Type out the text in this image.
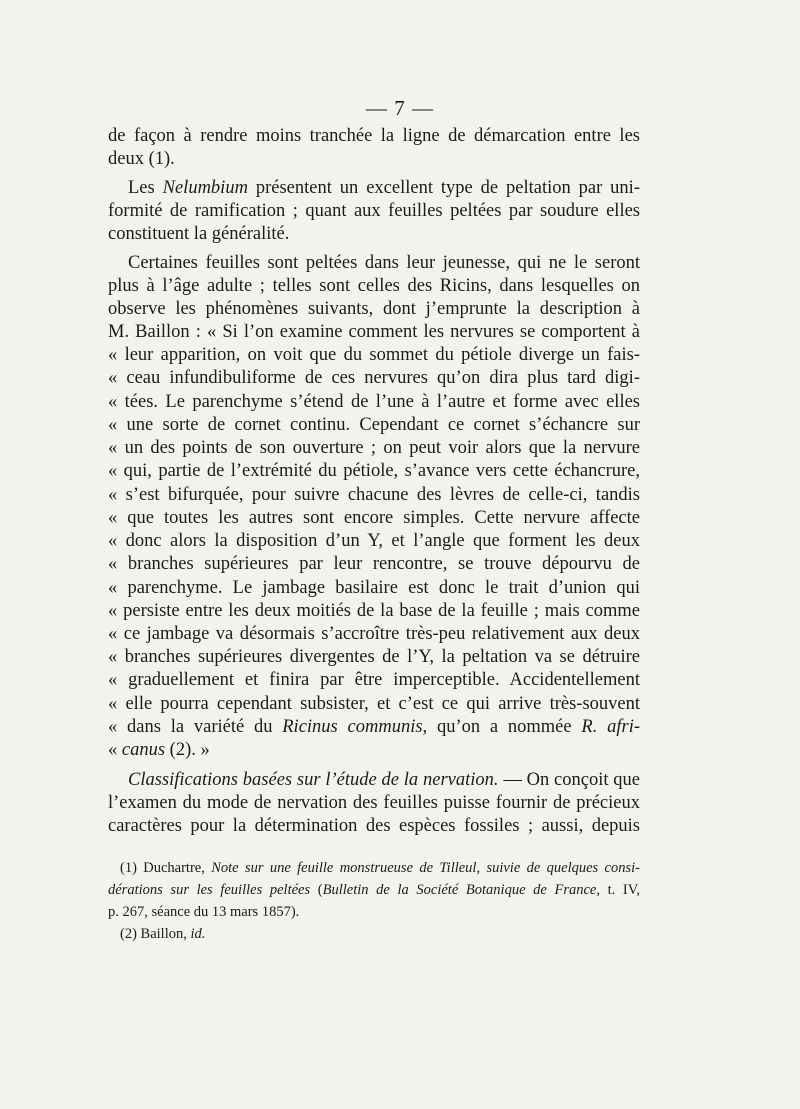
— 7 —
de façon à rendre moins tranchée la ligne de démarcation entre les
deux (1).
Les Nelumbium présentent un excellent type de peltation par uni-
formité de ramification ; quant aux feuilles peltées par soudure elles
constituent la généralité.
Certaines feuilles sont peltées dans leur jeunesse, qui ne le seront
plus à l’âge adulte ; telles sont celles des Ricins, dans lesquelles on
observe les phénomènes suivants, dont j’emprunte la description à
M. Baillon : « Si l’on examine comment les nervures se comportent à
« leur apparition, on voit que du sommet du pétiole diverge un fais-
« ceau infundibuliforme de ces nervures qu’on dira plus tard digi-
« tées. Le parenchyme s’étend de l’une à l’autre et forme avec elles
« une sorte de cornet continu. Cependant ce cornet s’échancre sur
« un des points de son ouverture ; on peut voir alors que la nervure
« qui, partie de l’extrémité du pétiole, s’avance vers cette échancrure,
« s’est bifurquée, pour suivre chacune des lèvres de celle-ci, tandis
« que toutes les autres sont encore simples. Cette nervure affecte
« donc alors la disposition d’un Y, et l’angle que forment les deux
« branches supérieures par leur rencontre, se trouve dépourvu de
« parenchyme. Le jambage basilaire est donc le trait d’union qui
« persiste entre les deux moitiés de la base de la feuille ; mais comme
« ce jambage va désormais s’accroître très-peu relativement aux deux
« branches supérieures divergentes de l’Y, la peltation va se détruire
« graduellement et finira par être imperceptible. Accidentellement
« elle pourra cependant subsister, et c’est ce qui arrive très-souvent
« dans la variété du Ricinus communis, qu’on a nommée R. afri-
« canus (2). »
Classifications basées sur l’étude de la nervation. — On conçoit que
l’examen du mode de nervation des feuilles puisse fournir de précieux
caractères pour la détermination des espèces fossiles ; aussi, depuis
(1) Duchartre, Note sur une feuille monstrueuse de Tilleul, suivie de quelques consi-
dérations sur les feuilles peltées (Bulletin de la Société Botanique de France, t. IV,
p. 267, séance du 13 mars 1857).
(2) Baillon, id.
